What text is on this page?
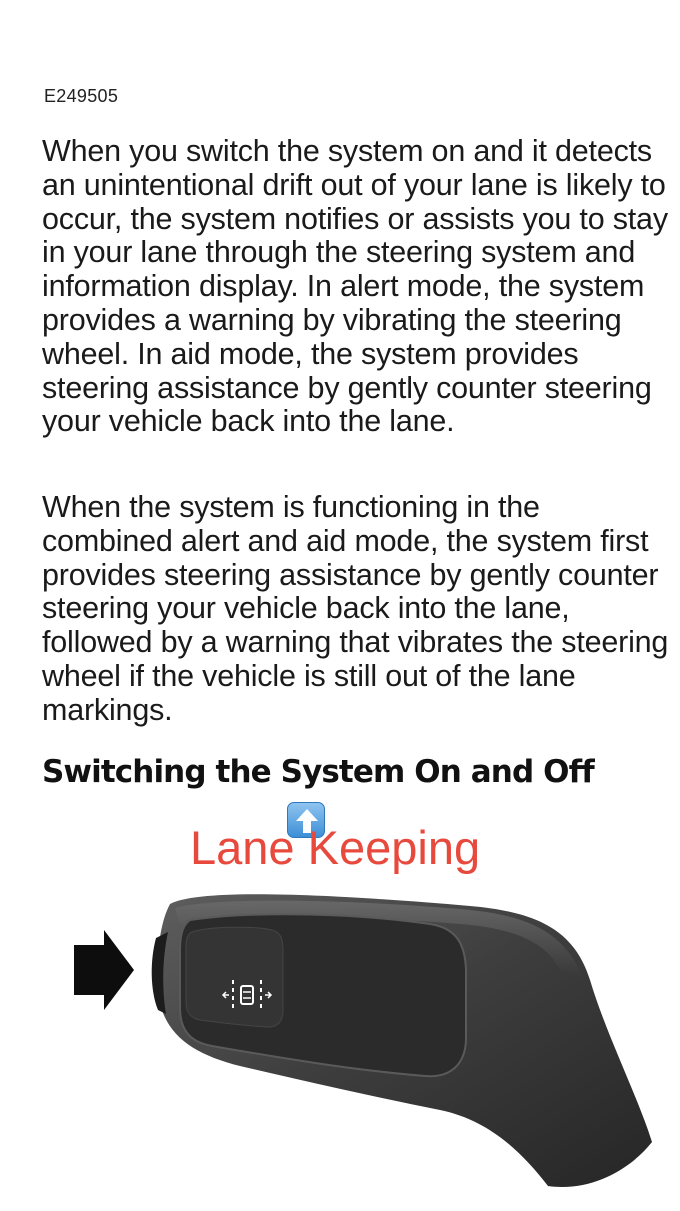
E249505

When you switch the system on and it detects an unintentional drift out of your lane is likely to occur, the system notifies or assists you to stay in your lane through the steering system and information display. In alert mode, the system provides a warning by vibrating the steering wheel. In aid mode, the system provides steering assistance by gently counter steering your vehicle back into the lane.

When the system is functioning in the combined alert and aid mode, the system first provides steering assistance by gently counter steering your vehicle back into the lane, followed by a warning that vibrates the steering wheel if the vehicle is still out of the lane markings.

Switching the System On and Off
Lane Keeping
